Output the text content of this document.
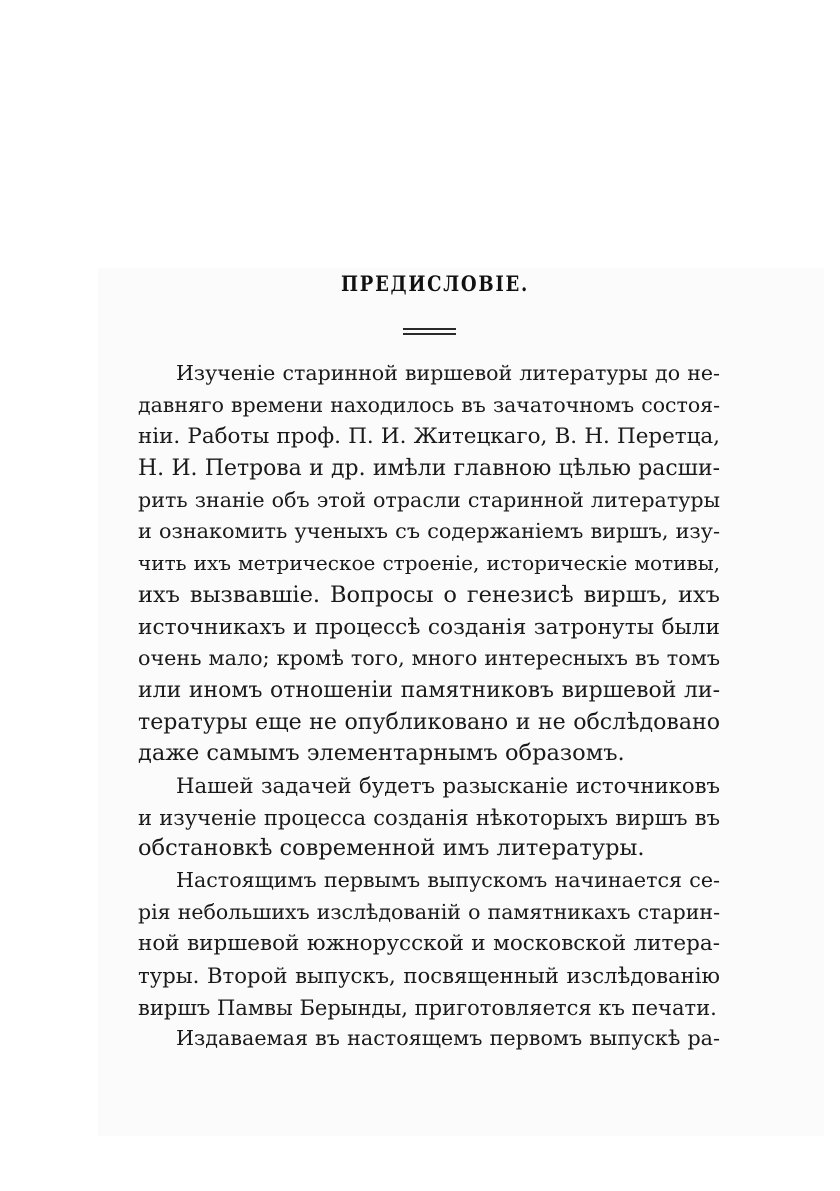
ПРЕДИСЛОВІЕ.
Изученіе старинной виршевой литературы до не-
давняго времени находилось въ зачаточномъ состоя-
ніи. Работы проф. П. И. Житецкаго, В. Н. Перетца,
Н. И. Петрова и др. имѣли главною цѣлью расши-
рить знаніе объ этой отрасли старинной литературы
и ознакомить ученыхъ съ содержаніемъ виршъ, изу-
чить ихъ метрическое строеніе, историческіе мотивы,
ихъ вызвавшіе. Вопросы о генезисѣ виршъ, ихъ
источникахъ и процессѣ созданія затронуты были
очень мало; кромѣ того, много интересныхъ въ томъ
или иномъ отношеніи памятниковъ виршевой ли-
тературы еще не опубликовано и не обслѣдовано
даже самымъ элементарнымъ образомъ.
Нашей задачей будетъ разысканіе источниковъ
и изученіе процесса созданія нѣкоторыхъ виршъ въ
обстановкѣ современной имъ литературы.
Настоящимъ первымъ выпускомъ начинается се-
рія небольшихъ изслѣдованій о памятникахъ старин-
ной виршевой южнорусской и московской литера-
туры. Второй выпускъ, посвященный изслѣдованію
виршъ Памвы Берынды, приготовляется къ печати.
Издаваемая въ настоящемъ первомъ выпускѣ ра-
